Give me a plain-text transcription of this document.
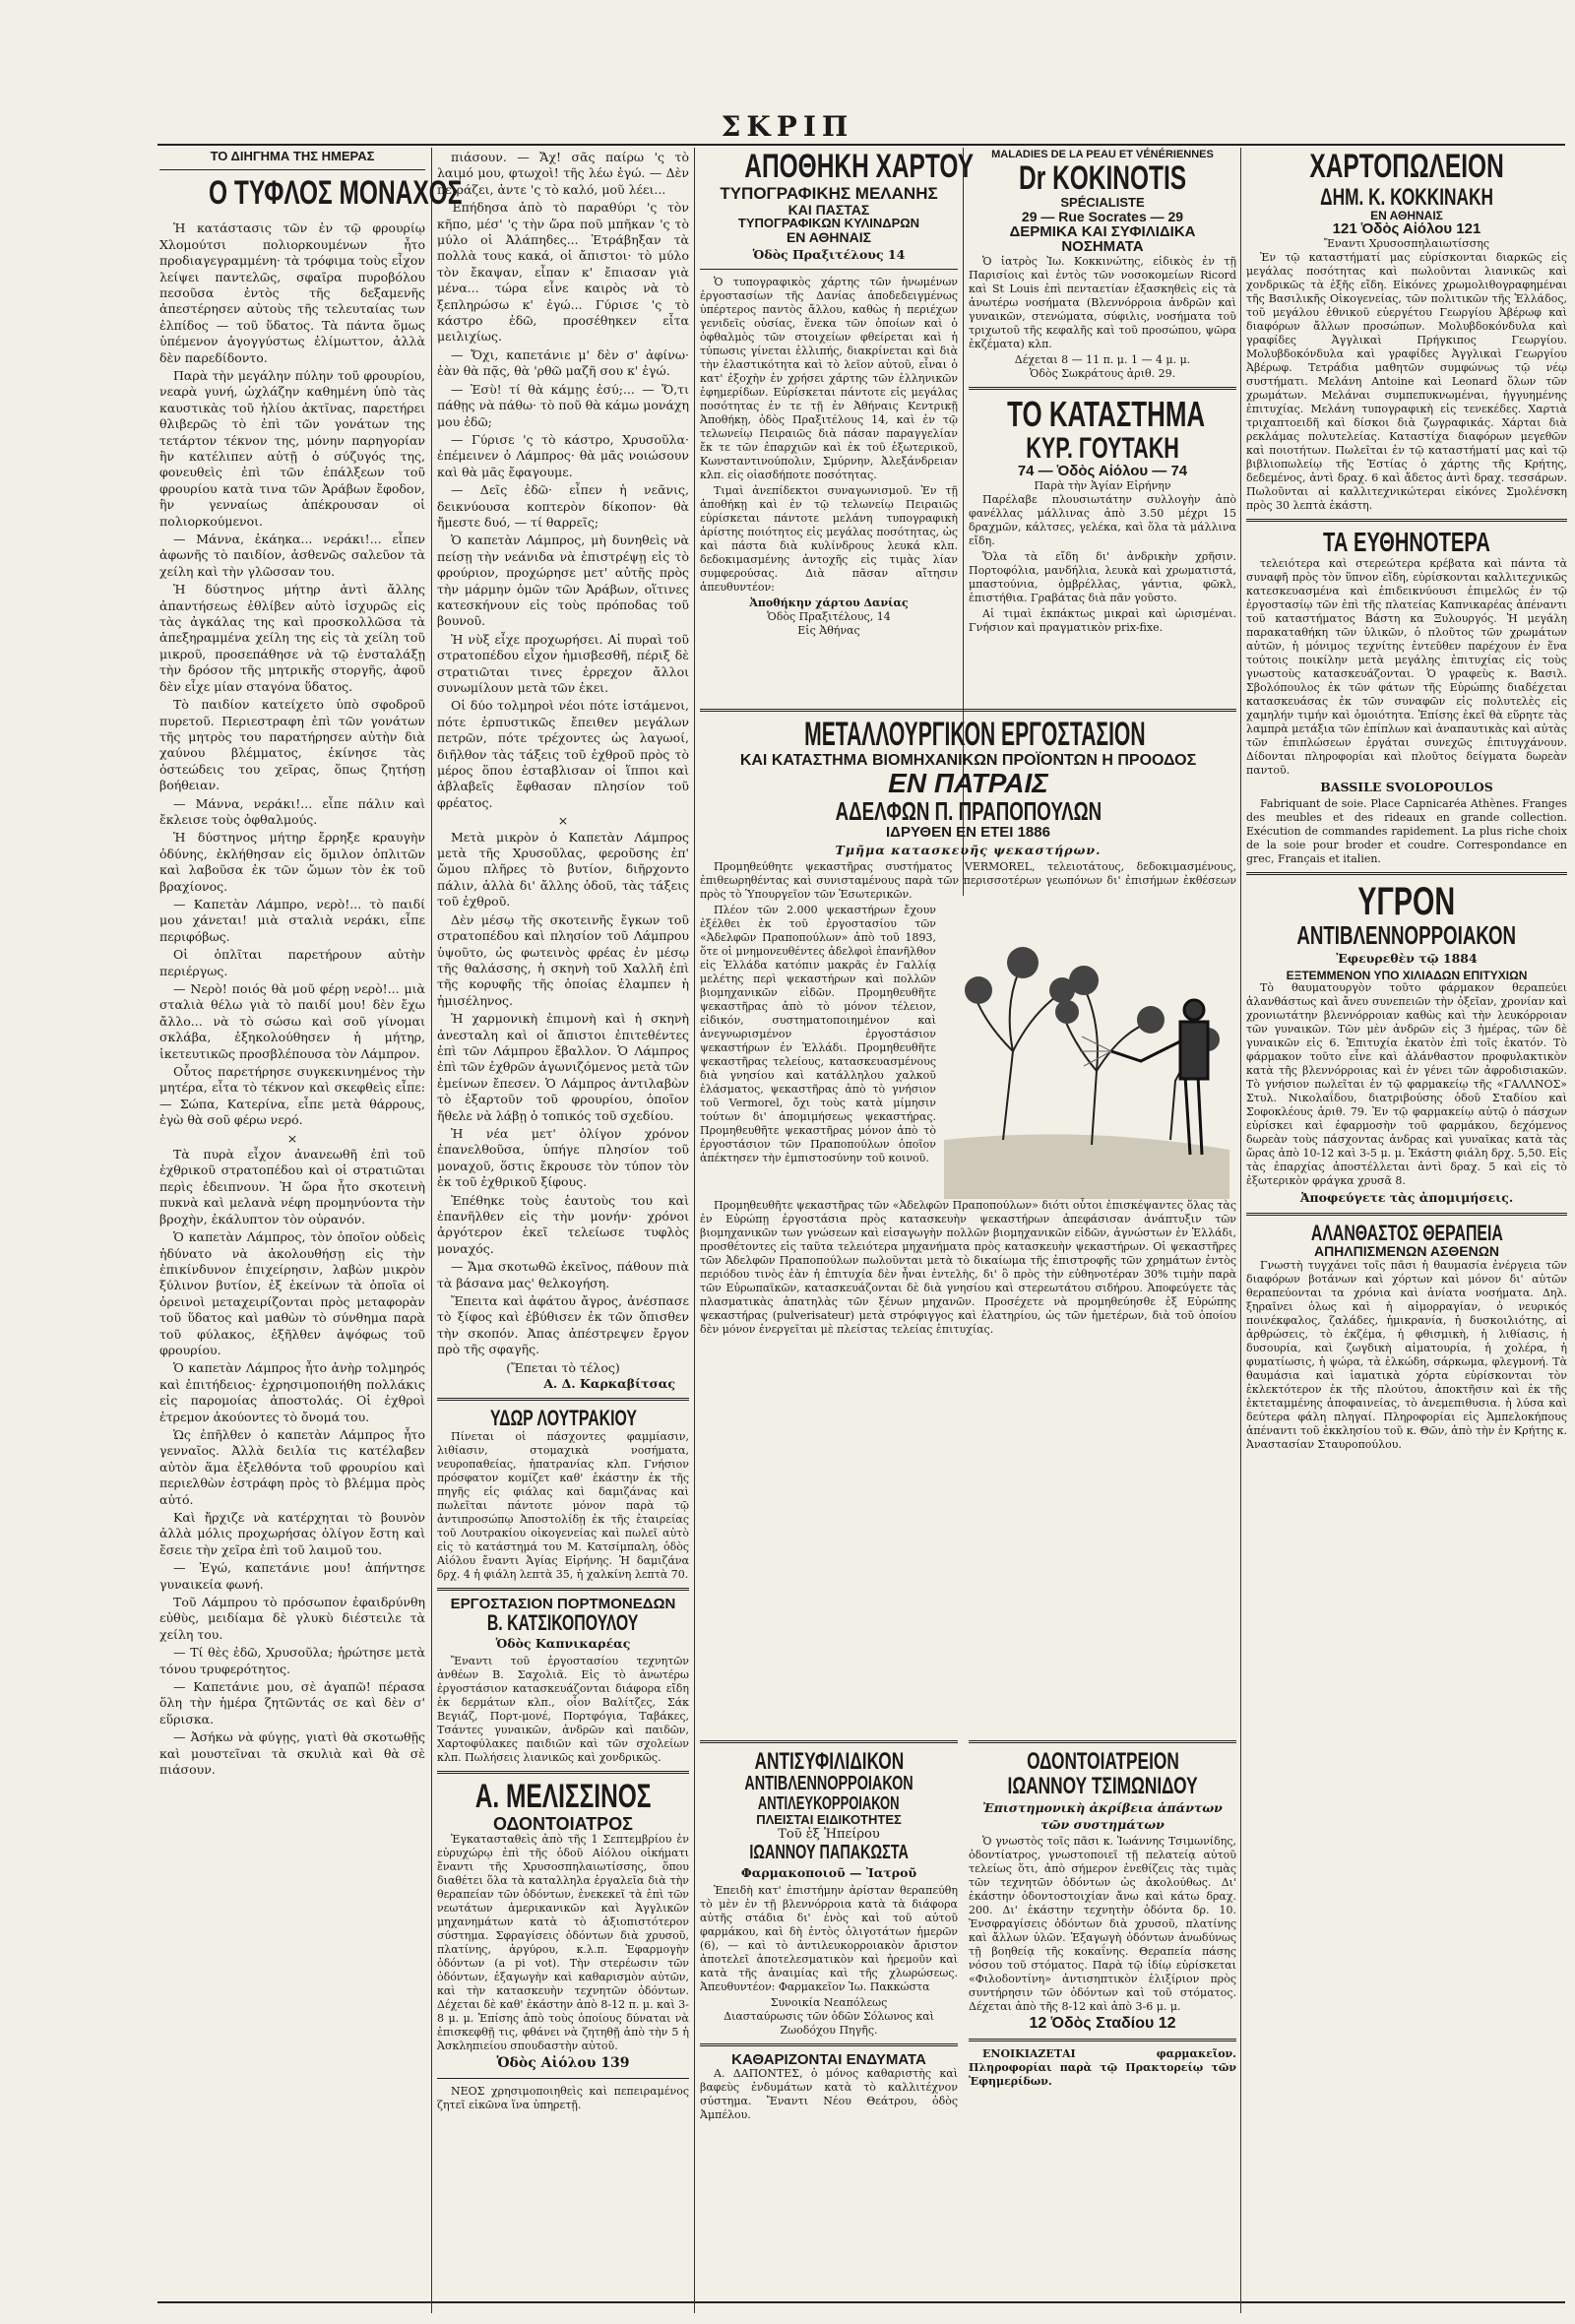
ΣΚΡΙΠ
ΤΟ ΔΙΗΓΗΜΑ ΤΗΣ ΗΜΕΡΑΣ
Ο ΤΥΦΛΟΣ ΜΟΝΑΧΟΣ

Ἡ κατάστασις τῶν ἐν τῷ φρουρίῳ Χλομούτσι πολιορκουμένων ἦτο προδιαγεγραμμένη· τὰ τρόφιμα τοὺς εἶχον λείψει παντελῶς, σφαῖρα πυροβόλου πεσοῦσα ἐντὸς τῆς δεξαμενῆς ἀπεστέρησεν αὐτοὺς τῆς τελευταίας των ἐλπίδος — τοῦ ὕδατος. Τὰ πάντα ὅμως ὑπέμενον ἀγογγύστως ἐλίμωττον, ἀλλὰ δὲν παρεδίδοντο.

Παρὰ τὴν μεγάλην πύλην τοῦ φρουρίου, νεαρὰ γυνή, ὠχλάζην καθημένη ὑπὸ τὰς καυστικὰς τοῦ ἡλίου ἀκτῖνας, παρετήρει θλιβερῶς τὸ ἐπὶ τῶν γονάτων της τετάρτον τέκνον της, μόνην παρηγορίαν ἣν κατέλιπεν αὐτῇ ὁ σύζυγός της, φονευθεὶς ἐπὶ τῶν ἐπάλξεων τοῦ φρουρίου κατὰ τινα τῶν Ἀράβων ἔφοδον, ἣν γενναίως ἀπέκρουσαν οἱ πολιορκούμενοι.

— Μάννα, ἐκάηκα... νεράκι!... εἶπεν ἀφωνῆς τὸ παιδίον, ἀσθενῶς σαλεῦον τὰ χείλη καὶ τὴν γλῶσσαν του.

Ἡ δύστηνος μήτηρ ἀντὶ ἄλλης ἀπαντήσεως ἐθλίβεν αὐτὸ ἰσχυρῶς εἰς τὰς ἀγκάλας της καὶ προσκολλῶσα τὰ ἀπεξηραμμένα χείλη της εἰς τὰ χείλη τοῦ μικροῦ, προσεπάθησε νὰ τῷ ἐνσταλάξῃ τὴν δρόσον τῆς μητρικῆς στοργῆς, ἀφοῦ δὲν εἶχε μίαν σταγόνα ὕδατος.

Τὸ παιδίον κατείχετο ὑπὸ σφοδροῦ πυρετοῦ. Περιεστραφη ἐπὶ τῶν γονάτων τῆς μητρὸς του παρατήρησεν αὐτὴν διὰ χαύνου βλέμματος, ἐκίνησε τὰς ὀστεώδεις του χεῖρας, ὅπως ζητήσῃ βοήθειαν.

— Μάννα, νεράκι!... εἶπε πάλιν καὶ ἔκλεισε τοὺς ὀφθαλμούς.

Ἡ δύστηνος μήτηρ ἔρρηξε κραυγὴν ὀδύνης, ἐκλήθησαν εἰς ὅμιλον ὁπλιτῶν καὶ λαβοῦσα ἐκ τῶν ὤμων τὸν ἐκ τοῦ βραχίονος.

— Καπετὰν Λάμπρο, νερὸ!... τὸ παιδί μου χάνεται! μιὰ σταλιὰ νεράκι, εἶπε περιφόβως.

Οἱ ὁπλῖται παρετήρουν αὐτὴν περιέργως.

— Νερὸ! ποιός θὰ μοῦ φέρῃ νερὸ!... μιὰ σταλιὰ θέλω γιὰ τὸ παιδί μου! δὲν ἔχω ἄλλο... νὰ τὸ σώσω καὶ σοῦ γίνομαι σκλάβα, ἐξηκολούθησεν ἡ μήτηρ, ἱκετευτικῶς προσβλέπουσα τὸν Λάμπρον.

Οὗτος παρετήρησε συγκεκινημένος τὴν μητέρα, εἶτα τὸ τέκνον καὶ σκεφθεὶς εἶπε: — Σώπα, Κατερίνα, εἶπε μετὰ θάρρους, ἐγὼ θὰ σοῦ φέρω νερό.

×

Τὰ πυρὰ εἶχον ἀνανεωθῆ ἐπὶ τοῦ ἐχθρικοῦ στρατοπέδου καὶ οἱ στρατιῶται περὶς ἐδειπνουν. Ἡ ὥρα ἦτο σκοτεινὴ πυκνὰ καὶ μελανὰ νέφη προμηνύοντα τὴν βροχὴν, ἐκάλυπτον τὸν οὐρανόν.

Ὁ καπετὰν Λάμπρος, τὸν ὁποῖον οὐδεὶς ἠδύνατο νὰ ἀκολουθήσῃ εἰς τὴν ἐπικίνδυνον ἐπιχείρησιν, λαβὼν μικρὸν ξύλινον βυτίον, ἐξ ἐκείνων τὰ ὁποῖα οἱ ὀρεινοὶ μεταχειρίζονται πρὸς μεταφορὰν τοῦ ὕδατος καὶ μαθὼν τὸ σύνθημα παρὰ τοῦ φύλακος, ἐξῆλθεν ἀψόφως τοῦ φρουρίου.

Ὁ καπετὰν Λάμπρος ἦτο ἀνὴρ τολμηρός καὶ ἐπιτήδειος· ἐχρησιμοποιήθη πολλάκις εἰς παρομοίας ἀποστολάς. Οἱ ἐχθροὶ ἐτρεμον ἀκούοντες τὸ ὄνομά του.

Ὡς ἐπῆλθεν ὁ καπετὰν Λάμπρος ἦτο γενναῖος. Ἀλλὰ δειλία τις κατέλαβεν αὐτὸν ἅμα ἐξελθόντα τοῦ φρουρίου καὶ περιελθὼν ἐστράφη πρὸς τὸ βλέμμα πρὸς αὐτό.

Καὶ ἤρχιζε νὰ κατέρχηται τὸ βουνὸν ἀλλὰ μόλις προχωρήσας ὀλίγον ἔστη καὶ ἔσειε τὴν χεῖρα ἐπὶ τοῦ λαιμοῦ του.

— Ἐγώ, καπετάνιε μου! ἀπήντησε γυναικεία φωνή.

Τοῦ Λάμπρου τὸ πρόσωπον ἐφαιδρύνθη εὐθὺς, μειδίαμα δὲ γλυκὺ διέστειλε τὰ χείλη του.

— Τί θὲς ἐδῶ, Χρυσοῦλα; ἠρώτησε μετὰ τόνου τρυφερότητος.

— Καπετάνιε μου, σὲ ἀγαπῶ! πέρασα ὅλη τὴν ἡμέρα ζητῶντάς σε καὶ δὲν σ' εὕρισκα.

— Ἀσήκω νὰ φύγῃς, γιατὶ θὰ σκοτωθῇς καὶ μουστεῖναι τὰ σκυλιὰ καὶ θὰ σὲ πιάσουν.

πιάσουν. — Ἄχ! σᾶς παίρω 'ς τὸ λαιμό μου, φτωχοὶ! τῆς λέω ἐγώ. — Δὲν πειράζει, ἀντε 'ς τὸ καλό, μοῦ λέει...

Ἐπήδησα ἀπὸ τὸ παραθύρι 'ς τὸν κῆπο, μέσ' 'ς τὴν ὥρα ποῦ μπῆκαν 'ς τὸ μύλο οἱ Ἀλάπηδες... Ἐτράβηξαν τὰ πολλὰ τους κακά, οἱ ἄπιστοι· τὸ μύλο τὸν ἔκαψαν, εἶπαν κ' ἔπιασαν γιὰ μένα... τώρα εἶνε καιρὸς νὰ τὸ ξεπληρώσω κ' ἐγώ... Γύρισε 'ς τὸ κάστρο ἐδῶ, προσέθηκεν εἶτα μειλιχίως.

— Ὄχι, καπετάνιε μ' δὲν σ' ἀφίνω· ἐὰν θὰ πᾷς, θὰ 'ρθῶ μαζῆ σου κ' ἐγώ.

— Ἐσὺ! τί θὰ κάμῃς ἐσύ;... — Ὅ,τι πάθῃς νὰ πάθω· τὸ ποῦ θὰ κάμω μονάχη μου ἐδῶ;

— Γύρισε 'ς τὸ κάστρο, Χρυσοῦλα· ἐπέμεινεν ὁ Λάμπρος· θὰ μᾶς νοιώσουν καὶ θὰ μᾶς ἔφαγουμε.

— Δεῖς ἐδῶ· εἶπεν ἡ νεᾶνις, δεικνύουσα κοπτερὸν δίκοπον· θὰ ἤμεστε δυό, — τί θαρρεῖς;

Ὁ καπετὰν Λάμπρος, μὴ δυνηθεὶς νὰ πείσῃ τὴν νεάνιδα νὰ ἐπιστρέψῃ εἰς τὸ φρούριον, προχώρησε μετ' αὐτῆς πρὸς τὴν μάρμην ὁμῶν τῶν Ἀράβων, οἵτινες κατεσκήνουν εἰς τοὺς πρόποδας τοῦ βουνοῦ.

Ἡ νὺξ εἶχε προχωρήσει. Αἱ πυραὶ τοῦ στρατοπέδου εἶχον ἡμισβεσθῆ, πέριξ δὲ στρατιῶται τινες ἐρρεχον ἄλλοι συνωμίλουν μετὰ τῶν ἐκει.

Οἱ δύο τολμηροὶ νέοι πότε ἱστάμενοι, πότε ἐρπυστικῶς ἔπειθεν μεγάλων πετρῶν, πότε τρέχοντες ὡς λαγωοί, διῆλθον τὰς τάξεις τοῦ ἐχθροῦ πρὸς τὸ μέρος ὅπου ἐσταβλισαν οἱ ἵπποι καὶ ἀβλαβεῖς ἔφθασαν πλησίον τοῦ φρέατος.

×

Μετὰ μικρὸν ὁ Καπετὰν Λάμπρος μετὰ τῆς Χρυσοῦλας, φεροῦσης ἐπ' ὤμου πλῆρες τὸ βυτίον, διῆρχοντο πάλιν, ἀλλὰ δι' ἄλλης ὁδοῦ, τὰς τάξεις τοῦ ἐχθροῦ.

Δὲν μέσῳ τῆς σκοτεινῆς ἔγκων τοῦ στρατοπέδου καὶ πλησίον τοῦ Λάμπρου ὑψοῦτο, ὡς φωτεινὸς φρέας ἐν μέσῳ τῆς θαλάσσης, ἡ σκηνὴ τοῦ Χαλλῆ ἐπὶ τῆς κορυφῆς τῆς ὁποίας ἐλαμπεν ἡ ἡμισέληνος.

Ἡ χαρμονικὴ ἐπιμονὴ καὶ ἡ σκηνὴ ἀνεσταλη καὶ οἱ ἄπιστοι ἐπιτεθέντες ἐπὶ τῶν Λάμπρου ἔβαλλον. Ὁ Λάμπρος ἐπὶ τῶν ἐχθρῶν ἀγωνιζόμενος μετὰ τῶν ἐμείνων ἔπεσεν. Ὁ Λάμπρος ἀντιλαβὼν τὸ ἐξαρτοῦν τοῦ φρουρίου, ὁποῖον ἤθελε νὰ λάβῃ ὁ τοπικός τοῦ σχεδίου.

Ἡ νέα μετ' ὀλίγον χρόνον ἐπανελθοῦσα, ὑπήγε πλησίον τοῦ μοναχοῦ, ὅστις ἔκρουσε τὸν τύπον τὸν ἐκ τοῦ ἐχθρικοῦ ξίφους.

Ἐπέθηκε τοὺς ἑαυτοὺς του καὶ ἐπανῆλθεν εἰς τὴν μονήν· χρόνοι ἀργότερον ἐκεῖ τελείωσε τυφλὸς μοναχός.

— Ἄμα σκοτωθῶ ἐκεῖνος, πάθουν πιὰ τὰ βάσανα μας' θελκογήση.

Ἔπειτα καὶ ἀφάτου ἄγρος, ἀνέσπασε τὸ ξίφος καὶ ἐβύθισεν ἐκ τῶν ὄπισθεν τὴν σκοπόν. Ἀπας ἀπέστρεψεν ἔργον πρὸ τῆς σφαγῆς.

(Ἔπεται τὸ τέλος)
Α. Δ. Καρκαβίτσας
ΥΔΩΡ ΛΟΥΤΡΑΚΙΟΥ

Πίνεται οἱ πάσχοντες φαμμίασιν, λιθίασιν, στομαχικὰ νοσήματα, νευροπαθείας, ἠπατρανίας κλπ. Γνήσιον πρόσφατον κομίζετ καθ' ἑκάστην ἐκ τῆς πηγῆς εἰς φιάλας καὶ δαμιζάνας καὶ πωλεῖται πάντοτε μόνον παρὰ τῷ ἀντιπροσώπῳ Ἀποστολίδῃ ἐκ τῆς ἑταιρείας τοῦ Λουτρακίου οἰκογενείας καὶ πωλεῖ αὐτὸ εἰς τὸ κατάστημά του Μ. Κατσίμπαλη, ὁδὸς Αἰόλου ἔναντι Ἁγίας Εἰρήνης. Ἡ δαμιζάνα δρχ. 4 ἡ φιάλη λεπτὰ 35, ἡ χαλκίνη λεπτὰ 70.

ΕΡΓΟΣΤΑΣΙΟΝ ΠΟΡΤΜΟΝΕΔΩΝ
Β. ΚΑΤΣΙΚΟΠΟΥΛΟΥ
Ὁδὸς Καπνικαρέας

Ἔναντι τοῦ ἐργοστασίου τεχνητῶν ἀνθέων Β. Σαχολιᾶ. Εἰς τὸ ἀνωτέρω ἐργοστάσιον κατασκευάζονται διάφορα εἴδη ἐκ δερμάτων κλπ., οἷον Βαλίτζες, Σάκ Βεγιάζ, Πορτ-μονέ, Πορτφόγια, Ταβάκες, Τσάντες γυναικῶν, ἀνδρῶν καὶ παιδῶν, Χαρτοφύλακες παιδιῶν καὶ τῶν σχολείων κλπ. Πωλήσεις λιανικῶς καὶ χονδρικῶς.

Α. ΜΕΛΙΣΣΙΝΟΣ
ΟΔΟΝΤΟΙΑΤΡΟΣ

Ἐγκατασταθεὶς ἀπὸ τῆς 1 Σεπτεμβρίου ἐν εὐρυχώρῳ ἐπὶ τῆς ὁδοῦ Αἰόλου οἰκήματι ἔναντι τῆς Χρυσοσπηλαιωτίσσης, ὅπου διαθέτει ὅλα τὰ καταλληλα ἐργαλεῖα διὰ τὴν θεραπείαν τῶν ὀδόντων, ἐνεκεκεῖ τὰ ἐπὶ τῶν νεωτάτων ἀμερικανικῶν καὶ Ἀγγλικῶν μηχανημάτων κατὰ τὸ ἀξιοπιστότερον σύστημα. Σφραγίσεις ὀδόντων διὰ χρυσοῦ, πλατίνης, ἀργύρου, κ.λ.π. Ἐφαρμογὴν ὀδόντων (a pi vot). Τὴν στερέωσιν τῶν ὀδόντων, ἐξαγωγὴν καὶ καθαρισμὸν αὐτῶν, καὶ τὴν κατασκευὴν τεχνητῶν ὀδόντων. Δέχεται δὲ καθ' ἑκάστην ἀπὸ 8-12 π. μ. καὶ 3-8 μ. μ. Ἐπίσης ἀπὸ τοὺς ὁποίους δύναται νὰ ἐπισκεφθῇ τις, φθάνει νὰ ζητηθῇ ἀπὸ τὴν 5 ἡ Ἀσκληπιείου σπουδαστὴν αὐτοῦ.

Ὁδὸς Αἰόλου 139

ΝΕΟΣ χρησιμοποιηθεὶς καὶ πεπειραμένος ζητεῖ εἰκῶνα ἵνα ὑπηρετῇ.

ΑΠΟΘΗΚΗ ΧΑΡΤΟΥ
ΤΥΠΟΓΡΑΦΙΚΗΣ ΜΕΛΑΝΗΣ
ΚΑΙ ΠΑΣΤΑΣ
ΤΥΠΟΓΡΑΦΙΚΩΝ ΚΥΛΙΝΔΡΩΝ
ΕΝ ΑΘΗΝΑΙΣ
Ὁδὸς Πραξιτέλους 14

Ὁ τυπογραφικὸς χάρτης τῶν ἡνωμένων ἐργοστασίων τῆς Δανίας ἀποδεδειγμένως ὑπέρτερος παντὸς ἄλλου, καθὼς ἡ περιέχων γενιδεῖς οὐσίας, ἕνεκα τῶν ὁποίων καὶ ὁ ὀφθαλμὸς τῶν στοιχείων φθείρεται καὶ ἡ τύπωσις γίνεται ἐλλιπής, διακρίνεται καὶ διὰ τὴν ἐλαστικότητα καὶ τὸ λεῖον αὐτοῦ, εἶναι ὁ κατ' ἐξοχὴν ἐν χρήσει χάρτης τῶν ἑλληνικῶν ἐφημερίδων. Εὑρίσκεται πάντοτε εἰς μεγάλας ποσότητας ἐν τε τῇ ἐν Ἀθήναις Κεντρικῇ Ἀποθήκῃ, ὁδὸς Πραξιτέλους 14, καὶ ἐν τῷ τελωνείῳ Πειραιῶς διὰ πάσαν παραγγελίαν ἔκ τε τῶν ἐπαρχιῶν καὶ ἐκ τοῦ ἐξωτερικοῦ, Κωνσταντινούπολιν, Σμύρνην, Ἀλεξάνδρειαν κλπ. εἰς οἱασδήποτε ποσότητας.

Τιμαὶ ἀνεπίδεκτοι συναγωνισμοῦ. Ἐν τῇ ἀποθήκῃ καὶ ἐν τῷ τελωνείῳ Πειραιῶς εὑρίσκεται πάντοτε μελάνη τυπογραφικὴ ἀρίστης ποιότητος εἰς μεγάλας ποσότητας, ὡς καὶ πάστα διὰ κυλίνδρους λευκά κλπ. δεδοκιμασμένης ἀντοχῆς εἰς τιμὰς λίαν συμφερούσας. Διὰ πᾶσαν αἴτησιν ἀπευθυντέον:

Ἀποθήκην χάρτου Δανίας
Ὁδὸς Πραξιτέλους, 14
Εἰς Ἀθήνας
MALADIES DE LA PEAU ET VÉNÉRIENNES
Dr KOKINOTIS
SPÉCIALISTE
29 — Rue Socrates — 29
ΔΕΡΜΙΚΑ ΚΑΙ ΣΥΦΙΛΙΔΙΚΑ
ΝΟΣΗΜΑΤΑ

Ὁ ἰατρὸς Ἰω. Κοκκινώτης, εἰδικὸς ἐν τῇ Παρισίοις καὶ ἐντὸς τῶν νοσοκομείων Ricord καὶ St Louis ἐπὶ πενταετίαν ἐξασκηθεὶς εἰς τὰ ἀνωτέρω νοσήματα (Βλεννόρροια ἀνδρῶν καὶ γυναικῶν, στενώματα, σύφιλις, νοσήματα τοῦ τριχωτοῦ τῆς κεφαλῆς καὶ τοῦ προσώπου, ψῶρα ἐκζέματα) κλπ.

Δέχεται 8 — 11 π. μ. 1 — 4 μ. μ.
Ὁδὸς Σωκράτους ἀριθ. 29.
ΤΟ ΚΑΤΑΣΤΗΜΑ
ΚΥΡ. ΓΟΥΤΑΚΗ
74 — Ὁδὸς Αἰόλου — 74
Παρὰ τὴν Ἁγίαν Εἰρήνην

Παρέλαβε πλουσιωτάτην συλλογὴν ἀπὸ φανέλλας μάλλινας ἀπὸ 3.50 μέχρι 15 δραχμῶν, κάλτσες, γελέκα, καὶ ὅλα τὰ μάλλινα εἴδη.

Ὅλα τὰ εἴδη δι' ἀνδρικὴν χρῆσιν. Πορτοφόλια, μανδήλια, λευκὰ καὶ χρωματιστά, μπαστούνια, ὀμβρέλλας, γάντια, φῶκλ, ἐπιστήθια. Γραβάτας διὰ πᾶν γοῦστο.

Αἱ τιμαὶ ἐκπάκτως μικραὶ καὶ ὡρισμέναι. Γνήσιον καὶ πραγματικὸν prix-fixe.

ΜΕΤΑΛΛΟΥΡΓΙΚΟΝ ΕΡΓΟΣΤΑΣΙΟΝ
ΚΑΙ ΚΑΤΑΣΤΗΜΑ ΒΙΟΜΗΧΑΝΙΚΩΝ ΠΡΟΪΟΝΤΩΝ Η ΠΡΟΟΔΟΣ
ΕΝ ΠΑΤΡΑΙΣ
ΑΔΕΛΦΩΝ Π. ΠΡΑΠΟΠΟΥΛΩΝ
ΙΔΡΥΘΕΝ ΕΝ ΕΤΕΙ 1886
Τμῆμα κατασκευῆς ψεκαστήρων.

Προμηθεύθητε ψεκαστῆρας συστήματος VERMOREL, τελειοτάτους, δεδοκιμασμένους, ἐπιθεωρηθέντας καὶ συνισταμένους παρὰ τῶν περισσοτέρων γεωπόνων δι' ἐπισήμων ἐκθέσεων πρὸς τὸ Ὑπουργεῖον τῶν Ἐσωτερικῶν.

Πλέον τῶν 2.000 ψεκαστήρων ἔχουν ἐξέλθει ἐκ τοῦ ἐργοστασίου τῶν «Ἀδελφῶν Πραποπούλων» ἀπὸ τοῦ 1893, ὅτε οἱ μνημονευθέντες ἀδελφοὶ ἐπανῆλθον εἰς Ἑλλάδα κατόπιν μακρᾶς ἐν Γαλλίᾳ μελέτης περὶ ψεκαστήρων καὶ πολλῶν βιομηχανικῶν εἰδῶν. Προμηθευθῆτε ψεκαστῆρας ἀπὸ τὸ μόνον τέλειον, εἰδικόν, συστηματοποιημένον καὶ ἀνεγνωρισμένον ἐργοστάσιον ψεκαστήρων ἐν Ἑλλάδι. Προμηθευθῆτε ψεκαστῆρας τελείους, κατασκευασμένους διὰ γνησίου καὶ κατάλληλου χαλκοῦ ἐλάσματος, ψεκαστῆρας ἀπὸ τὸ γνήσιον τοῦ Vermorel, ὄχι τοὺς κατὰ μίμησιν τούτων δι' ἀπομιμήσεως ψεκαστήρας. Προμηθευθῆτε ψεκαστῆρας μόνον ἀπὸ τὸ ἐργοστάσιον τῶν Πραποπούλων ὁποῖον ἀπέκτησεν τὴν ἐμπιστοσύνην τοῦ κοινοῦ.

Προμηθευθῆτε ψεκαστῆρας τῶν «Ἀδελφῶν Πραποπούλων» διότι οὗτοι ἐπισκέψαντες ὅλας τὰς ἐν Εὐρώπῃ ἐργοστάσια πρὸς κατασκευὴν ψεκαστήρων ἀπεφάσισαν ἀνάπτυξιν τῶν βιομηχανικῶν των γνώσεων καὶ εἰσαγωγὴν πολλῶν βιομηχανικῶν εἰδῶν, ἀγνώστων ἐν Ἑλλάδι, προσθέτοντες εἰς ταῦτα τελειότερα μηχανήματα πρὸς κατασκευὴν ψεκαστήρων. Οἱ ψεκαστῆρες τῶν Ἀδελφῶν Πραποπούλων πωλοῦνται μετὰ τὸ δικαίωμα τῆς ἐπιστροφῆς τῶν χρημάτων ἐντὸς περιόδου τινὸς ἐὰν ἡ ἐπιτυχία δὲν ἦναι ἐντελὴς, δι' ὃ πρὸς τὴν εὐθηνοτέραν 30% τιμὴν παρὰ τῶν Εὐρωπαϊκῶν, κατασκευάζονται δὲ διὰ γνησίου καὶ στερεωτάτου σιδήρου. Ἀποφεύγετε τὰς πλασματικὰς ἀπατηλὰς τῶν ξένων μηχανῶν. Προσέχετε νὰ προμηθεύησθε ἐξ Εὐρώπης ψεκαστήρας (pulverisateur) μετὰ στρόφιγγος καὶ ἐλατηρίου, ὡς τῶν ἡμετέρων, διὰ τοῦ ὁποίου δὲν μόνον ἐνεργεῖται μὲ πλείστας τελείας ἐπιτυχίας.

ΑΝΤΙΣΥΦΙΛΙΔΙΚΟΝ
ΑΝΤΙΒΛΕΝΝΟΡΡΟΙΑΚΟΝ
ΑΝΤΙΛΕΥΚΟΡΡΟΙΑΚΟΝ
ΠΛΕΙΣΤΑΙ ΕΙΔΙΚΟΤΗΤΕΣ
Τοῦ ἐξ Ἠπείρου
ΙΩΑΝΝΟΥ ΠΑΠΑΚΩΣΤΑ
Φαρμακοποιοῦ — Ἰατροῦ

Ἐπειδὴ κατ' ἐπιστήμην ἀρίσταν θεραπεύθη τὸ μὲν ἐν τῇ βλεννόρροια κατὰ τὰ διάφορα αὐτῆς στάδια δι' ἑνὸς καὶ τοῦ αὐτοῦ φαρμάκου, καὶ δὴ ἐντὸς ὀλιγοτάτων ἡμερῶν (6), — καὶ τὸ ἀντιλευκορροιακὸν ἄριστον ἀποτελεῖ ἀποτελεσματικὸν καὶ ἠρεμοῦν καὶ κατὰ τῆς ἀναιμίας καὶ τῆς χλωρώσεως. Ἀπευθυντέον: Φαρμακεῖον Ἰω. Πακκώστα

Συνοικία Νεαπόλεως
Διασταύρωσις τῶν ὁδῶν Σόλωνος καὶ Ζωοδόχου Πηγῆς.
ΚΑΘΑΡΙΖΟΝΤΑΙ ΕΝΔΥΜΑΤΑ

Α. ΔΑΠΟΝΤΕΣ, ὁ μόνος καθαριστὴς καὶ βαφεὺς ἐνδυμάτων κατὰ τὸ καλλιτέχνον σύστημα. Ἔναντι Νέου Θεάτρου, ὁδὸς Ἀμπέλου.

ΟΔΟΝΤΟΙΑΤΡΕΙΟΝ
ΙΩΑΝΝΟΥ ΤΣΙΜΩΝΙΔΟΥ
Ἐπιστημονικὴ ἀκρίβεια ἁπάντων τῶν συστημάτων

Ὁ γνωστὸς τοῖς πᾶσι κ. Ἰωάννης Τσιμωνίδης, ὀδοντίατρος, γνωστοποιεῖ τῇ πελατείᾳ αὐτοῦ τελείως ὅτι, ἀπὸ σήμερον ἐνεθίζεις τὰς τιμὰς τῶν τεχνητῶν ὀδόντων ὡς ἀκολούθως. Δι' ἑκάστην ὀδοντοστοιχίαν ἄνω καὶ κάτω δραχ. 200. Δι' ἑκάστην τεχνητὴν ὀδόντα δρ. 10. Ἐνσφραγίσεις ὀδόντων διὰ χρυσοῦ, πλατίνης καὶ ἄλλων ὑλῶν. Ἐξαγωγὴ ὀδόντων ἀνωδύνως τῇ βοηθείᾳ τῆς κοκαΐνης. Θεραπεία πάσης νόσου τοῦ στόματος. Παρὰ τῷ ἰδίῳ εὑρίσκεται «Φιλοδοντίνη» ἀντισηπτικὸν ἐλιξίριον πρὸς συντήρησιν τῶν ὀδόντων καὶ τοῦ στόματος. Δέχεται ἀπὸ τῆς 8-12 καὶ ἀπὸ 3-6 μ. μ.

12 Ὁδὸς Σταδίου 12

ΕΝΟΙΚΙΑΖΕΤΑΙ φαρμακεῖον. Πληροφορίαι παρὰ τῷ Πρακτορείῳ τῶν Ἐφημερίδων.

ΧΑΡΤΟΠΩΛΕΙΟΝ
ΔΗΜ. Κ. ΚΟΚΚΙΝΑΚΗ
ΕΝ ΑΘΗΝΑΙΣ
121 Ὁδὸς Αἰόλου 121
Ἔναντι Χρυσοσπηλαιωτίσσης

Ἐν τῷ καταστήματί μας εὑρίσκονται διαρκῶς εἰς μεγάλας ποσότητας καὶ πωλοῦνται λιανικῶς καὶ χονδρικῶς τὰ ἑξῆς εἴδη. Εἰκόνες χρωμολιθογραφημέναι τῆς Βασιλικῆς Οἰκογενείας, τῶν πολιτικῶν τῆς Ἑλλάδος, τοῦ μεγάλου ἐθνικοῦ εὐεργέτου Γεωργίου Ἀβέρωφ καὶ διαφόρων ἄλλων προσώπων. Μολυβδοκόνδυλα καὶ γραφίδες Ἀγγλικαὶ Πρήγκιπος Γεωργίου. Μολυβδοκόνδυλα καὶ γραφίδες Ἀγγλικαὶ Γεωργίου Ἀβέρωφ. Τετράδια μαθητῶν συμφώνως τῷ νέῳ συστήματι. Μελάνη Antoine καὶ Leonard ὅλων τῶν χρωμάτων. Μελάναι συμπεπυκνωμέναι, ἠγγυημένης ἐπιτυχίας. Μελάνη τυπογραφικὴ εἰς τενεκέδες. Χαρτιὰ τριχαπτοειδῆ καὶ δίσκοι διὰ ζωγραφικάς. Χάρται διὰ ρεκλάμας πολυτελείας. Καταστίχα διαφόρων μεγεθῶν καὶ ποιοτήτων. Πωλεῖται ἐν τῷ καταστήματί μας καὶ τῷ βιβλιοπωλείῳ τῆς Ἑστίας ὁ χάρτης τῆς Κρήτης, δεδεμένος, ἀντὶ δραχ. 6 καὶ ἄδετος ἀντὶ δραχ. τεσσάρων. Πωλοῦνται αἱ καλλιτεχνικώτεραι εἰκόνες Σμολένσκη πρὸς 30 λεπτὰ ἑκάστη.

ΤΑ ΕΥΘΗΝΟΤΕΡΑ

τελειότερα καὶ στερεώτερα κρέβατα καὶ πάντα τὰ συναφῆ πρὸς τὸν ὕπνον εἴδη, εὑρίσκονται καλλιτεχνικῶς κατεσκευασμένα καὶ ἐπιδεικνύουσι ἐπιμελῶς ἐν τῷ ἐργοστασίῳ τῶν ἐπὶ τῆς πλατείας Καπνικαρέας ἀπέναντι τοῦ καταστήματος Βάστη κα Ξυλουργός. Ἡ μεγάλη παρακαταθήκη τῶν ὑλικῶν, ὁ πλοῦτος τῶν χρωμάτων αὐτῶν, ἡ μόνιμος τεχνίτης ἐντεῦθεν παρέχουν ἐν ἕνα τούτοις ποικίλην μετὰ μεγάλης ἐπιτυχίας εἰς τοὺς γνωστοὺς κατασκευάζονται. Ὁ γραφεὺς κ. Βασιλ. Σβολόπουλος ἐκ τῶν φάτων τῆς Εὐρώπης διαδέχεται κατασκευάσας ἐκ τῶν συναφῶν εἰς πολυτελὲς εἰς χαμηλήν τιμήν καὶ ὁμοιότητα. Ἐπίσης ἐκεῖ θὰ εὕρητε τὰς λαμπρὰ μετάξια τῶν ἐπίπλων καὶ ἀναπαυτικὰς καὶ αὐτὰς τῶν ἐπιπλώσεων ἐργάται συνεχῶς ἐπιτυγχάνουν. Δίδονται πληροφορίαι καὶ πλοῦτος δείγματα δωρεὰν παντοῦ.

BASSILE SVOLOPOULOS

Fabriquant de soie. Place Capnicaréa Athènes. Franges des meubles et des rideaux en grande collection. Exécution de commandes rapidement. La plus riche choix de la soie pour broder et coudre. Correspondance en grec, Français et italien.

ΥΓΡΟΝ
ΑΝΤΙΒΛΕΝΝΟΡΡΟΙΑΚΟΝ
Ἐφευρεθὲν τῷ 1884
ΕΞΤΕΜΜΕΝΟΝ ΥΠΟ ΧΙΛΙΑΔΩΝ ΕΠΙΤΥΧΙΩΝ

Τὸ θαυματουργὸν τοῦτο φάρμακον θεραπεύει ἀλανθάστως καὶ ἄνευ συνεπειῶν τὴν ὀξεῖαν, χρονίαν καὶ χρονιωτάτην βλεννόρροιαν καθὼς καὶ τὴν λευκόρροιαν τῶν γυναικῶν. Τῶν μὲν ἀνδρῶν εἰς 3 ἡμέρας, τῶν δὲ γυναικῶν εἰς 6. Ἐπιτυχία ἑκατὸν ἐπὶ τοῖς ἑκατόν. Τὸ φάρμακον τοῦτο εἶνε καὶ ἀλάνθαστον προφυλακτικὸν κατὰ τῆς βλεννόρροιας καὶ ἐν γένει τῶν ἀφροδισιακῶν. Τὸ γνήσιον πωλεῖται ἐν τῷ φαρμακείῳ τῆς «ΓΑΛΛΝΟΣ» Στυλ. Νικολαΐδου, διατριβούσης ὁδοῦ Σταδίου καὶ Σοφοκλέους ἀριθ. 79. Ἐν τῷ φαρμακείῳ αὐτῷ ὁ πάσχων εὑρίσκει καὶ ἐφαρμοσὴν τοῦ φαρμάκου, δεχόμενος δωρεὰν τοὺς πάσχοντας ἀνδρας καὶ γυναῖκας κατὰ τὰς ὥρας ἀπὸ 10-12 καὶ 3-5 μ. μ. Ἑκάστη φιάλη δρχ. 5,50. Εἰς τὰς ἐπαρχίας ἀποστέλλεται ἀντὶ δραχ. 5 καὶ εἰς τὸ ἐξωτερικὸν φράγκα χρυσᾶ 8.

Ἀποφεύγετε τὰς ἀπομιμήσεις.
ΑΛΑΝΘΑΣΤΟΣ ΘΕΡΑΠΕΙΑ
ΑΠΗΛΠΙΣΜΕΝΩΝ ΑΣΘΕΝΩΝ

Γνωστὴ τυγχάνει τοῖς πᾶσι ἡ θαυμασία ἐνέργεια τῶν διαφόρων βοτάνων καὶ χόρτων καὶ μόνον δι' αὐτῶν θεραπεύονται τα χρόνια καὶ ἀνίατα νοσήματα. Δηλ. ξηραῖνει ὁλως καὶ ἡ αἱμορραγίαν, ὁ νευρικός ποινέκφαλος, ζαλάδες, ἡμικρανία, ἡ δυσκοιλιότης, αἱ ἀρθρώσεις, τὸ ἐκζέμα, ἡ φθισμικὴ, ἡ λιθίασις, ἡ δυσουρία, καὶ ζωγδικὴ αἱματουρία, ἡ χολέρα, ἡ φυματίωσις, ἡ ψώρα, τὰ ἑλκώδη, σάρκωμα, φλεγμονή. Τὰ θαυμάσια καὶ ἰαματικὰ χόρτα εὑρίσκονται τὸν ἐκλεκτότερον ἐκ τῆς πλούτου, ἀποκτῆσιν καὶ ἐκ τῆς ἐκτεταμμένης ἀποφαινείας, τὸ ἀνεμεπιθυσια. ἡ λύσα καὶ δεύτερα φάλη πληγαί. Πληροφορίαι εἰς Ἀμπελοκήπους ἀπέναντι τοῦ ἐκκλησίου τοῦ κ. Θῶν, ἀπὸ τὴν ἐν Κρήτης κ. Ἀναστασίαν Σταυροπούλου.
